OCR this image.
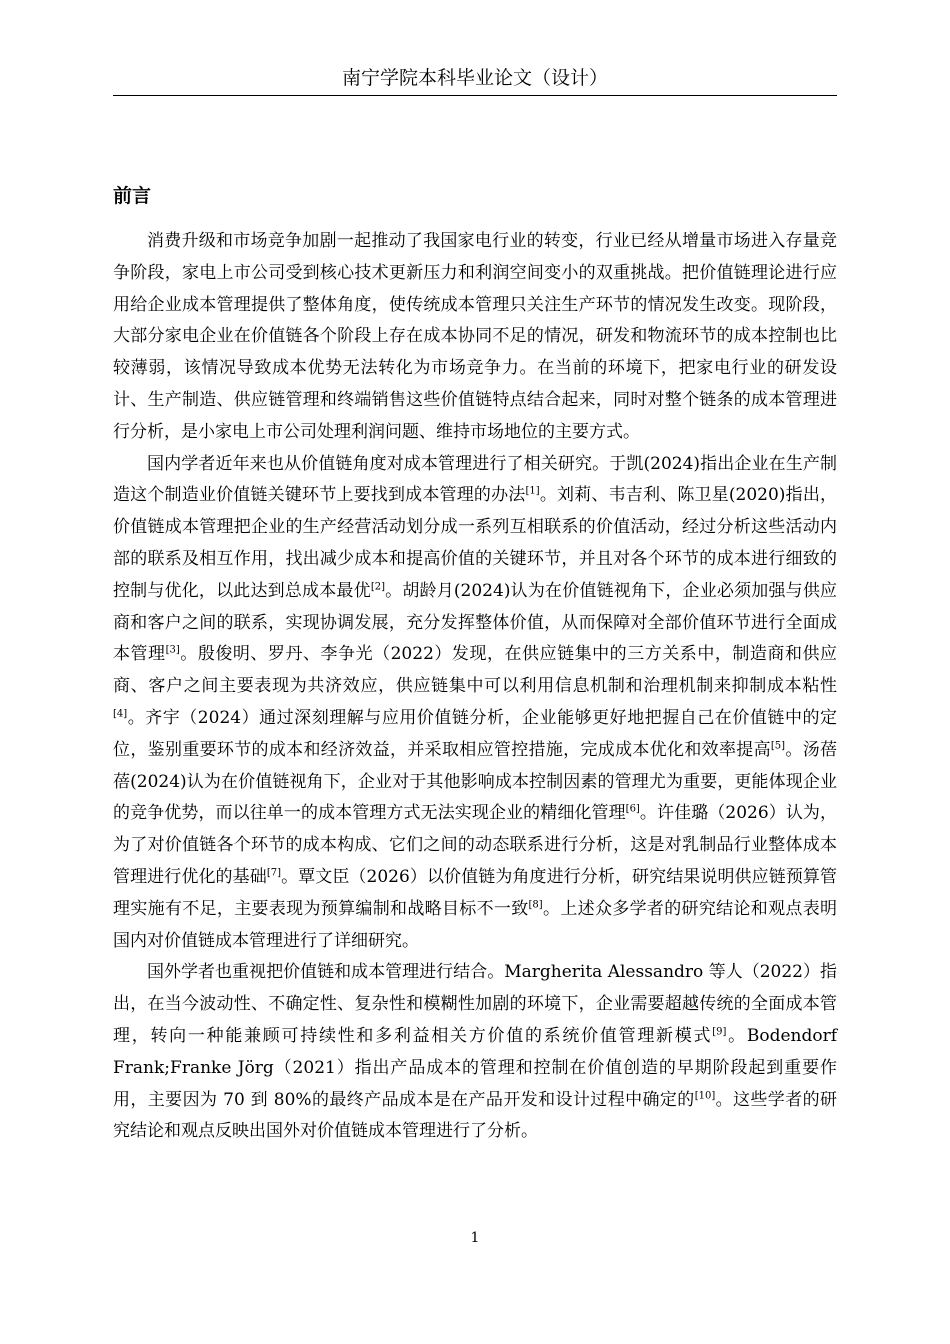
南宁学院本科毕业论文（设计）
前言

消费升级和市场竞争加剧一起推动了我国家电行业的转变，行业已经从增量市场进入存量竞争阶段，家电上市公司受到核心技术更新压力和利润空间变小的双重挑战。把价值链理论进行应用给企业成本管理提供了整体角度，使传统成本管理只关注生产环节的情况发生改变。现阶段，大部分家电企业在价值链各个阶段上存在成本协同不足的情况，研发和物流环节的成本控制也比较薄弱，该情况导致成本优势无法转化为市场竞争力。在当前的环境下，把家电行业的研发设计、生产制造、供应链管理和终端销售这些价值链特点结合起来，同时对整个链条的成本管理进行分析，是小家电上市公司处理利润问题、维持市场地位的主要方式。

国内学者近年来也从价值链角度对成本管理进行了相关研究。于凯(2024)指出企业在生产制造这个制造业价值链关键环节上要找到成本管理的办法[1]。刘莉、韦吉利、陈卫星(2020)指出，价值链成本管理把企业的生产经营活动划分成一系列互相联系的价值活动，经过分析这些活动内部的联系及相互作用，找出减少成本和提高价值的关键环节，并且对各个环节的成本进行细致的控制与优化，以此达到总成本最优[2]。胡龄月(2024)认为在价值链视角下，企业必须加强与供应商和客户之间的联系，实现协调发展，充分发挥整体价值，从而保障对全部价值环节进行全面成本管理[3]。殷俊明、罗丹、李争光（2022）发现，在供应链集中的三方关系中，制造商和供应商、客户之间主要表现为共济效应，供应链集中可以利用信息机制和治理机制来抑制成本粘性[4]。齐宇（2024）通过深刻理解与应用价值链分析，企业能够更好地把握自己在价值链中的定位，鉴别重要环节的成本和经济效益，并采取相应管控措施，完成成本优化和效率提高[5]。汤蓓蓓(2024)认为在价值链视角下，企业对于其他影响成本控制因素的管理尤为重要，更能体现企业的竞争优势，而以往单一的成本管理方式无法实现企业的精细化管理[6]。许佳璐（2026）认为，为了对价值链各个环节的成本构成、它们之间的动态联系进行分析，这是对乳制品行业整体成本管理进行优化的基础[7]。覃文臣（2026）以价值链为角度进行分析，研究结果说明供应链预算管理实施有不足，主要表现为预算编制和战略目标不一致[8]。上述众多学者的研究结论和观点表明国内对价值链成本管理进行了详细研究。

国外学者也重视把价值链和成本管理进行结合。Margherita Alessandro 等人（2022）指出，在当今波动性、不确定性、复杂性和模糊性加剧的环境下，企业需要超越传统的全面成本管理，转向一种能兼顾可持续性和多利益相关方价值的系统价值管理新模式[9]。Bodendorf Frank;Franke Jörg（2021）指出产品成本的管理和控制在价值创造的早期阶段起到重要作用，主要因为 70 到 80%的最终产品成本是在产品开发和设计过程中确定的[10]。这些学者的研究结论和观点反映出国外对价值链成本管理进行了分析。

1
